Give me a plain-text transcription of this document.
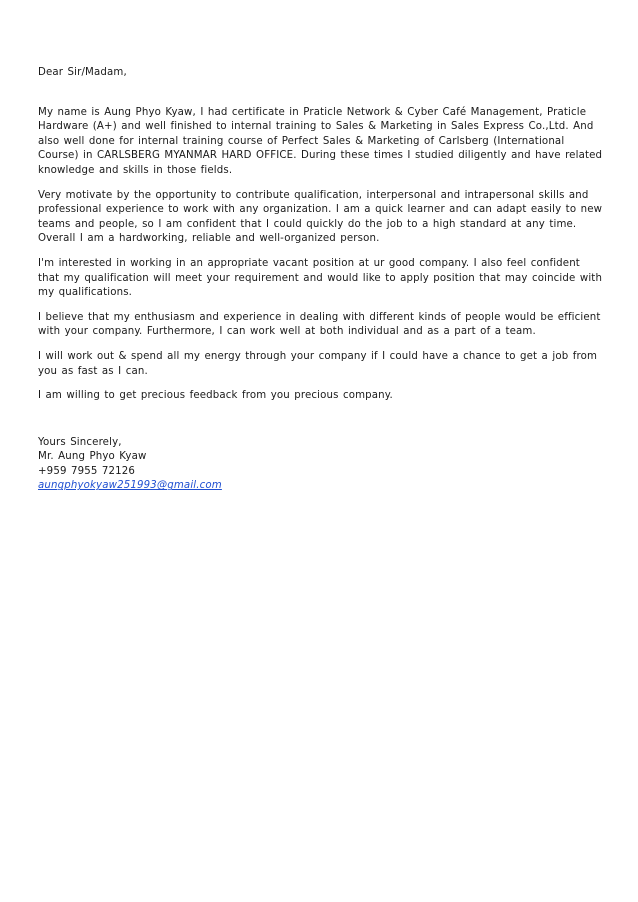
Dear Sir/Madam,

My name is Aung Phyo Kyaw, I had certificate in Praticle Network & Cyber Café Management, Praticle Hardware (A+) and well finished to internal training to Sales & Marketing in Sales Express Co.,Ltd. And also well done for internal training course of Perfect Sales & Marketing of Carlsberg (International Course) in CARLSBERG MYANMAR HARD OFFICE. During these times I studied diligently and have related knowledge and skills in those fields.

Very motivate by the opportunity to contribute qualification, interpersonal and intrapersonal skills and professional experience to work with any organization. I am a quick learner and can adapt easily to new teams and people, so I am confident that I could quickly do the job to a high standard at any time. Overall I am a hardworking, reliable and well-organized person.

I'm interested in working in an appropriate vacant position at ur good company. I also feel confident that my qualification will meet your requirement and would like to apply position that may coincide with my qualifications.

I believe that my enthusiasm and experience in dealing with different kinds of people would be efficient with your company. Furthermore, I can work well at both individual and as a part of a team.

I will work out & spend all my energy through your company if I could have a chance to get a job from you as fast as I can.

I am willing to get precious feedback from you precious company.

Yours Sincerely,
Mr. Aung Phyo Kyaw
+959 7955 72126
aungphyokyaw251993@gmail.com
